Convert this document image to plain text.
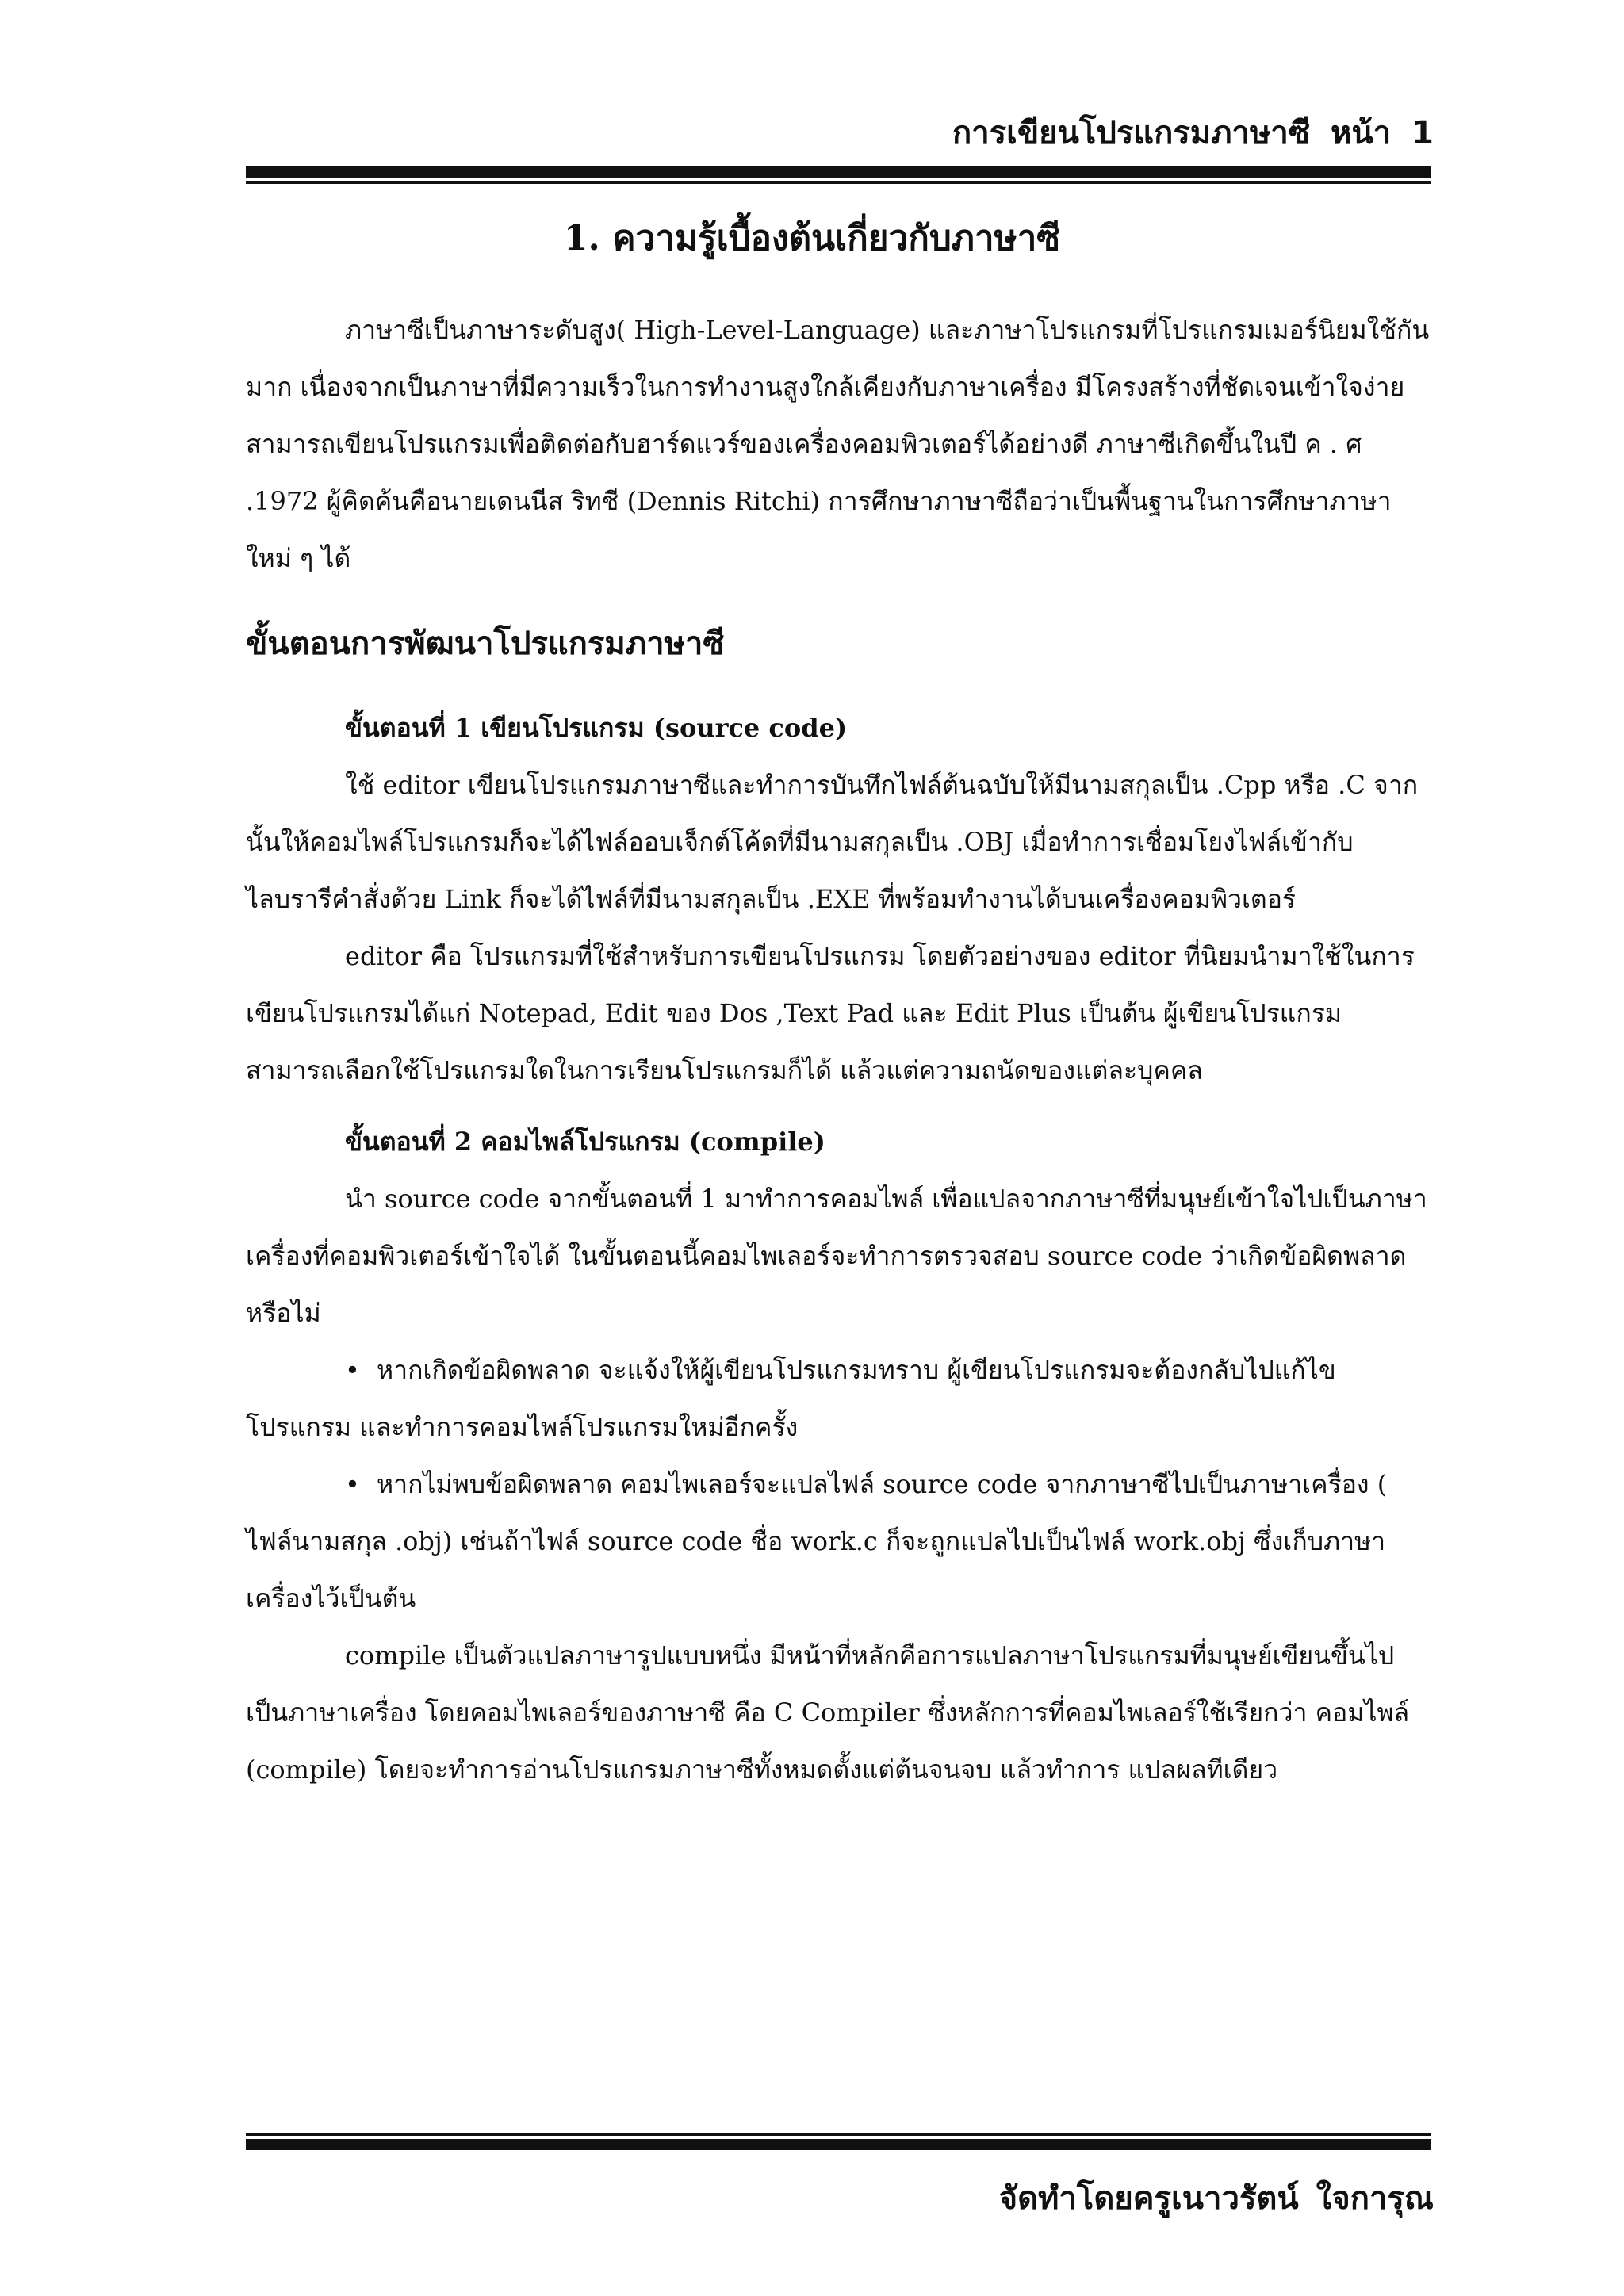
การเขียนโปรแกรมภาษาซี หน้า 1
1. ความรู้เบื้องต้นเกี่ยวกับภาษาซี

ภาษาซีเป็นภาษาระดับสูง( High-Level-Language) และภาษาโปรแกรมที่โปรแกรมเมอร์นิยมใช้กันมาก เนื่องจากเป็นภาษาที่มีความเร็วในการทำงานสูงใกล้เคียงกับภาษาเครื่อง มีโครงสร้างที่ชัดเจนเข้าใจง่าย สามารถเขียนโปรแกรมเพื่อติดต่อกับฮาร์ดแวร์ของเครื่องคอมพิวเตอร์ได้อย่างดี ภาษาซีเกิดขึ้นในปี ค . ศ .1972 ผู้คิดค้นคือนายเดนนีส ริทชี (Dennis Ritchi) การศึกษาภาษาซีถือว่าเป็นพื้นฐานในการศึกษาภาษาใหม่ ๆ ได้

ขั้นตอนการพัฒนาโปรแกรมภาษาซี

ขั้นตอนที่ 1 เขียนโปรแกรม (source code)

ใช้ editor เขียนโปรแกรมภาษาซีและทำการบันทึกไฟล์ต้นฉบับให้มีนามสกุลเป็น .Cpp หรือ .C จากนั้นให้คอมไพล์โปรแกรมก็จะได้ไฟล์ออบเจ็กต์โค้ดที่มีนามสกุลเป็น .OBJ เมื่อทำการเชื่อมโยงไฟล์เข้ากับไลบรารีคำสั่งด้วย Link ก็จะได้ไฟล์ที่มีนามสกุลเป็น .EXE ที่พร้อมทำงานได้บนเครื่องคอมพิวเตอร์

editor คือ โปรแกรมที่ใช้สำหรับการเขียนโปรแกรม โดยตัวอย่างของ editor ที่นิยมนำมาใช้ในการเขียนโปรแกรมได้แก่ Notepad, Edit ของ Dos ,Text Pad และ Edit Plus เป็นต้น ผู้เขียนโปรแกรมสามารถเลือกใช้โปรแกรมใดในการเรียนโปรแกรมก็ได้ แล้วแต่ความถนัดของแต่ละบุคคล

ขั้นตอนที่ 2 คอมไพล์โปรแกรม (compile)

นำ source code จากขั้นตอนที่ 1 มาทำการคอมไพล์ เพื่อแปลจากภาษาซีที่มนุษย์เข้าใจไปเป็นภาษาเครื่องที่คอมพิวเตอร์เข้าใจได้ ในขั้นตอนนี้คอมไพเลอร์จะทำการตรวจสอบ source code ว่าเกิดข้อผิดพลาดหรือไม่

• หากเกิดข้อผิดพลาด จะแจ้งให้ผู้เขียนโปรแกรมทราบ ผู้เขียนโปรแกรมจะต้องกลับไปแก้ไขโปรแกรม และทำการคอมไพล์โปรแกรมใหม่อีกครั้ง

• หากไม่พบข้อผิดพลาด คอมไพเลอร์จะแปลไฟล์ source code จากภาษาซีไปเป็นภาษาเครื่อง ( ไฟล์นามสกุล .obj) เช่นถ้าไฟล์ source code ชื่อ work.c ก็จะถูกแปลไปเป็นไฟล์ work.obj ซึ่งเก็บภาษาเครื่องไว้เป็นต้น

compile เป็นตัวแปลภาษารูปแบบหนึ่ง มีหน้าที่หลักคือการแปลภาษาโปรแกรมที่มนุษย์เขียนขึ้นไปเป็นภาษาเครื่อง โดยคอมไพเลอร์ของภาษาซี คือ C Compiler ซึ่งหลักการที่คอมไพเลอร์ใช้เรียกว่า คอมไพล์ (compile) โดยจะทำการอ่านโปรแกรมภาษาซีทั้งหมดตั้งแต่ต้นจนจบ แล้วทำการ แปลผลทีเดียว

จัดทำโดยครูเนาวรัตน์ ใจการุณ
